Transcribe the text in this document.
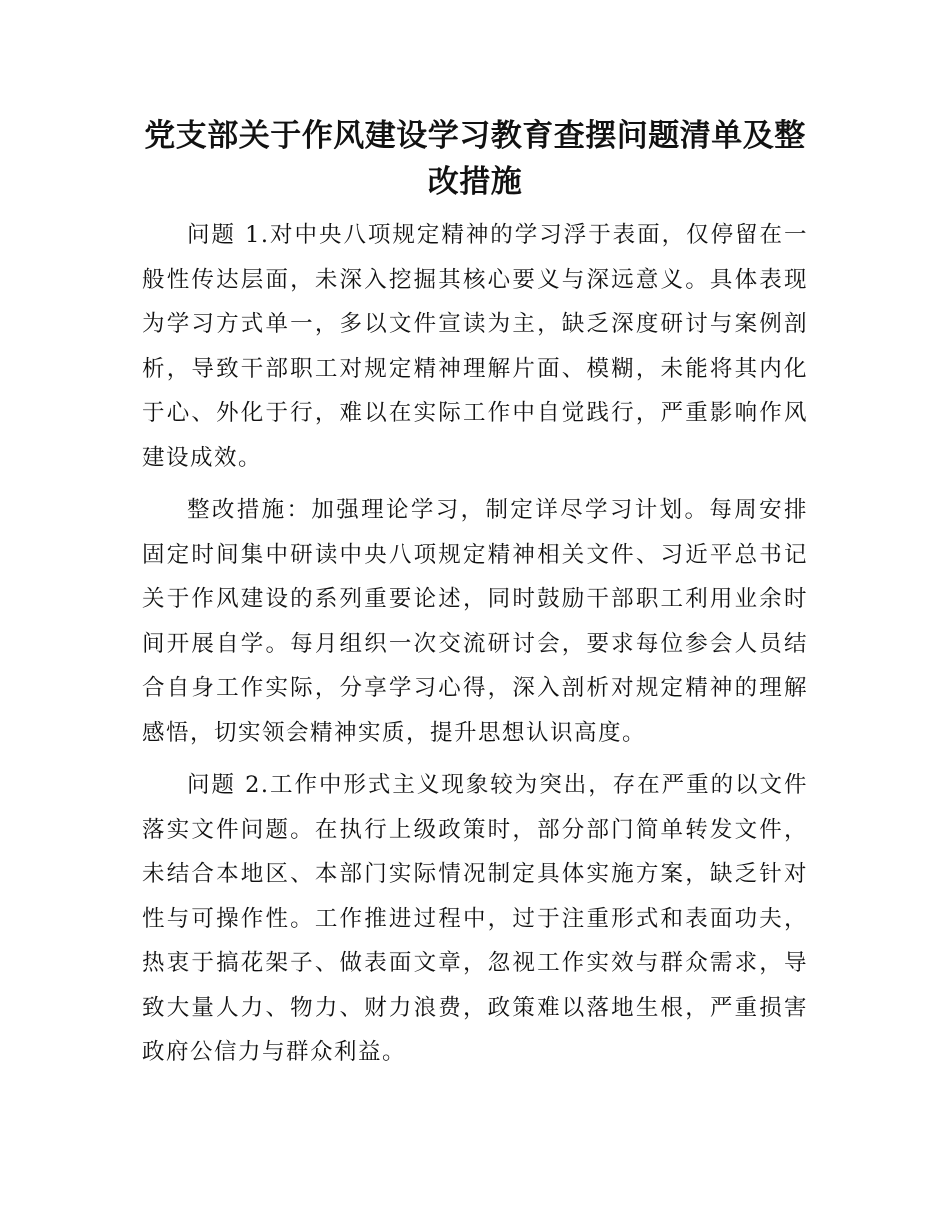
党支部关于作风建设学习教育查摆问题清单及整改措施

问题 1.对中央八项规定精神的学习浮于表面，仅停留在一般性传达层面，未深入挖掘其核心要义与深远意义。具体表现为学习方式单一，多以文件宣读为主，缺乏深度研讨与案例剖析，导致干部职工对规定精神理解片面、模糊，未能将其内化于心、外化于行，难以在实际工作中自觉践行，严重影响作风建设成效。

整改措施：加强理论学习，制定详尽学习计划。每周安排固定时间集中研读中央八项规定精神相关文件、习近平总书记关于作风建设的系列重要论述，同时鼓励干部职工利用业余时间开展自学。每月组织一次交流研讨会，要求每位参会人员结合自身工作实际，分享学习心得，深入剖析对规定精神的理解感悟，切实领会精神实质，提升思想认识高度。

问题 2.工作中形式主义现象较为突出，存在严重的以文件落实文件问题。在执行上级政策时，部分部门简单转发文件，未结合本地区、本部门实际情况制定具体实施方案，缺乏针对性与可操作性。工作推进过程中，过于注重形式和表面功夫，热衷于搞花架子、做表面文章，忽视工作实效与群众需求，导致大量人力、物力、财力浪费，政策难以落地生根，严重损害政府公信力与群众利益。
